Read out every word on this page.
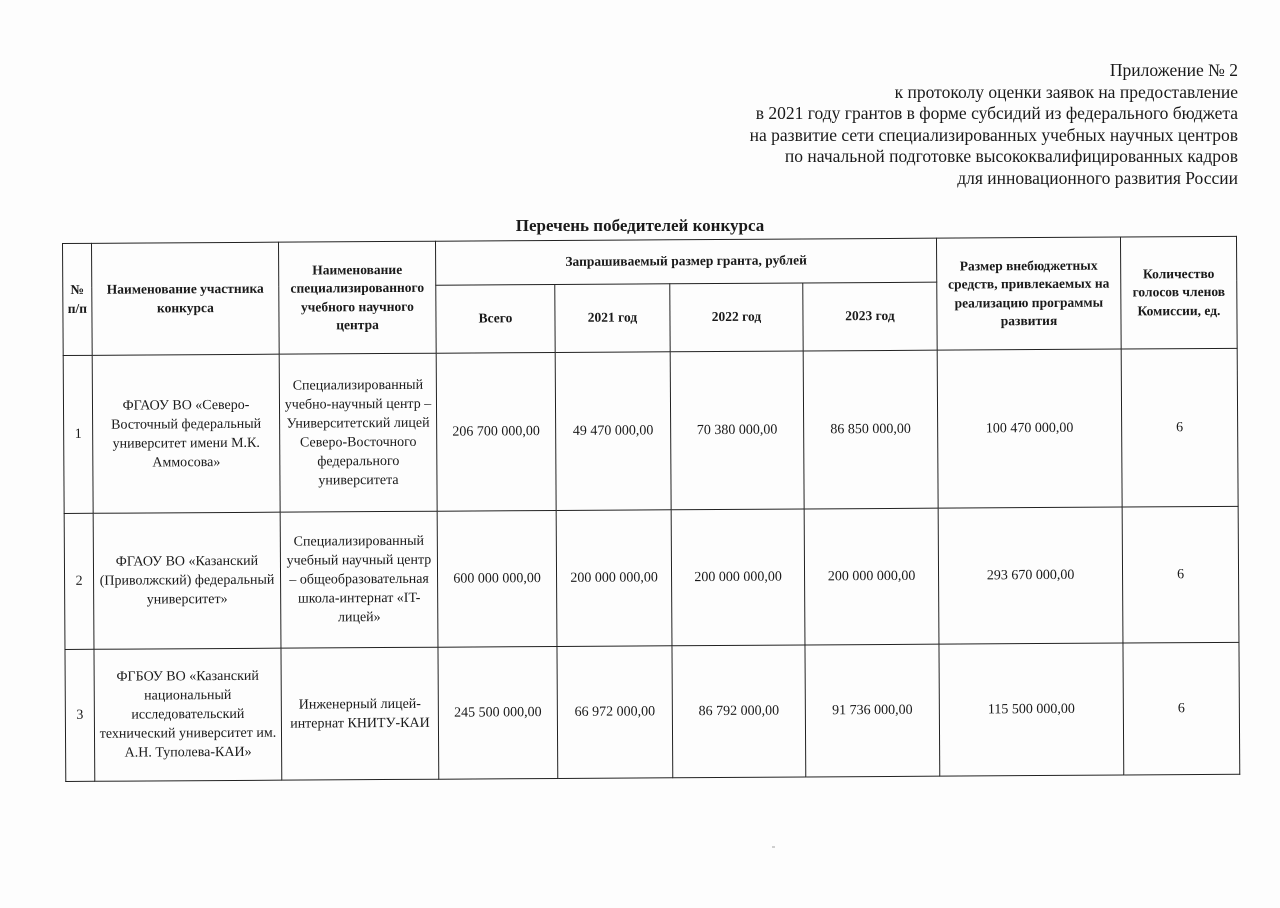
Приложение № 2
к протоколу оценки заявок на предоставление
в 2021 году грантов в форме субсидий из федерального бюджета
на развитие сети специализированных учебных научных центров
по начальной подготовке высококвалифицированных кадров
для инновационного развития России
Перечень победителей конкурса
№ п/п	Наименование участника конкурса	Наименование специализированного учебного научного центра	Запрашиваемый размер гранта, рублей				Размер внебюджетных средств, привлекаемых на реализацию программы развития	Количество голосов членов Комиссии, ед.
			Всего	2021 год	2022 год	2023 год		
1	ФГАОУ ВО «Северо-Восточный федеральный университет имени М.К. Аммосова»	Специализированный учебно-научный центр – Университетский лицей Северо-Восточного федерального университета	206 700 000,00	49 470 000,00	70 380 000,00	86 850 000,00	100 470 000,00	6
2	ФГАОУ ВО «Казанский (Приволжский) федеральный университет»	Специализированный учебный научный центр – общеобразовательная школа-интернат «IT-лицей»	600 000 000,00	200 000 000,00	200 000 000,00	200 000 000,00	293 670 000,00	6
3	ФГБОУ ВО «Казанский национальный исследовательский технический университет им. А.Н. Туполева-КАИ»	Инженерный лицей-интернат КНИТУ-КАИ	245 500 000,00	66 972 000,00	86 792 000,00	91 736 000,00	115 500 000,00	6
